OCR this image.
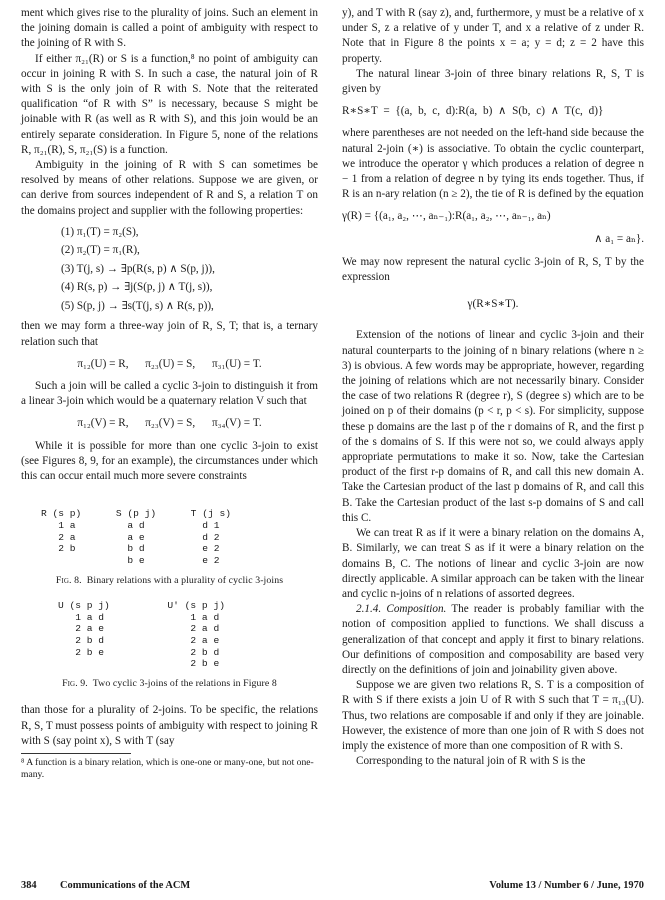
ment which gives rise to the plurality of joins. Such an element in the joining domain is called a point of ambiguity with respect to the joining of R with S.

If either π₂₁(R) or S is a function,⁸ no point of ambiguity can occur in joining R with S. In such a case, the natural join of R with S is the only join of R with S. Note that the reiterated qualification “of R with S” is necessary, because S might be joinable with R (as well as R with S), and this join would be an entirely separate consideration. In Figure 5, none of the relations R, π₂₁(R), S, π₂₁(S) is a function.

Ambiguity in the joining of R with S can sometimes be resolved by means of other relations. Suppose we are given, or can derive from sources independent of R and S, a relation T on the domains project and supplier with the following properties:

(1) π₁(T) = π₂(S),
(2) π₂(T) = π₁(R),
(3) T(j, s) → ∃p(R(s, p) ∧ S(p, j)),
(4) R(s, p) → ∃j(S(p, j) ∧ T(j, s)),
(5) S(p, j) → ∃s(T(j, s) ∧ R(s, p)),

then we may form a three-way join of R, S, T; that is, a ternary relation such that

π₁₂(U) = R,      π₂₃(U) = S,      π₃₁(U) = T.

Such a join will be called a cyclic 3-join to distinguish it from a linear 3-join which would be a quaternary relation V such that

π₁₂(V) = R,      π₂₃(V) = S,      π₃₄(V) = T.

While it is possible for more than one cyclic 3-join to exist (see Figures 8, 9, for an example), the circumstances under which this can occur entail much more severe constraints

R (s p)      S (p j)      T (j s)
1 a         a d          d 1
2 a         a e          d 2
2 b         b d          e 2
b e          e 2
Fig. 8. Binary relations with a plurality of cyclic 3-joins
U (s p j)          U' (s p j)
1 a d               1 a d
2 a e               2 a d
2 b d               2 a e
2 b e               2 b d
2 b e
Fig. 9. Two cyclic 3-joins of the relations in Figure 8

than those for a plurality of 2-joins. To be specific, the relations R, S, T must possess points of ambiguity with respect to joining R with S (say point x), S with T (say

⁸ A function is a binary relation, which is one-one or many-one, but not one-many.

y), and T with R (say z), and, furthermore, y must be a relative of x under S, z a relative of y under T, and x a relative of z under R. Note that in Figure 8 the points x = a; y = d; z = 2 have this property.

The natural linear 3-join of three binary relations R, S, T is given by

R∗S∗T = {(a, b, c, d):R(a, b) ∧ S(b, c) ∧ T(c, d)}

where parentheses are not needed on the left-hand side because the natural 2-join (∗) is associative. To obtain the cyclic counterpart, we introduce the operator γ which produces a relation of degree n − 1 from a relation of degree n by tying its ends together. Thus, if R is an n-ary relation (n ≥ 2), the tie of R is defined by the equation

γ(R) = {(a₁, a₂, ⋯, aₙ₋₁):R(a₁, a₂, ⋯, aₙ₋₁, aₙ)
∧ a₁ = aₙ}.

We may now represent the natural cyclic 3-join of R, S, T by the expression

γ(R∗S∗T).

Extension of the notions of linear and cyclic 3-join and their natural counterparts to the joining of n binary relations (where n ≥ 3) is obvious. A few words may be appropriate, however, regarding the joining of relations which are not necessarily binary. Consider the case of two relations R (degree r), S (degree s) which are to be joined on p of their domains (p < r, p < s). For simplicity, suppose these p domains are the last p of the r domains of R, and the first p of the s domains of S. If this were not so, we could always apply appropriate permutations to make it so. Now, take the Cartesian product of the first r-p domains of R, and call this new domain A. Take the Cartesian product of the last p domains of R, and call this B. Take the Cartesian product of the last s-p domains of S and call this C.

We can treat R as if it were a binary relation on the domains A, B. Similarly, we can treat S as if it were a binary relation on the domains B, C. The notions of linear and cyclic 3-join are now directly applicable. A similar approach can be taken with the linear and cyclic n-joins of n relations of assorted degrees.

2.1.4. Composition. The reader is probably familiar with the notion of composition applied to functions. We shall discuss a generalization of that concept and apply it first to binary relations. Our definitions of composition and composability are based very directly on the definitions of join and joinability given above.

Suppose we are given two relations R, S. T is a composition of R with S if there exists a join U of R with S such that T = π₁₃(U). Thus, two relations are composable if and only if they are joinable. However, the existence of more than one join of R with S does not imply the existence of more than one composition of R with S.

Corresponding to the natural join of R with S is the

384 Communications of the ACM	Volume 13 / Number 6 / June, 1970
